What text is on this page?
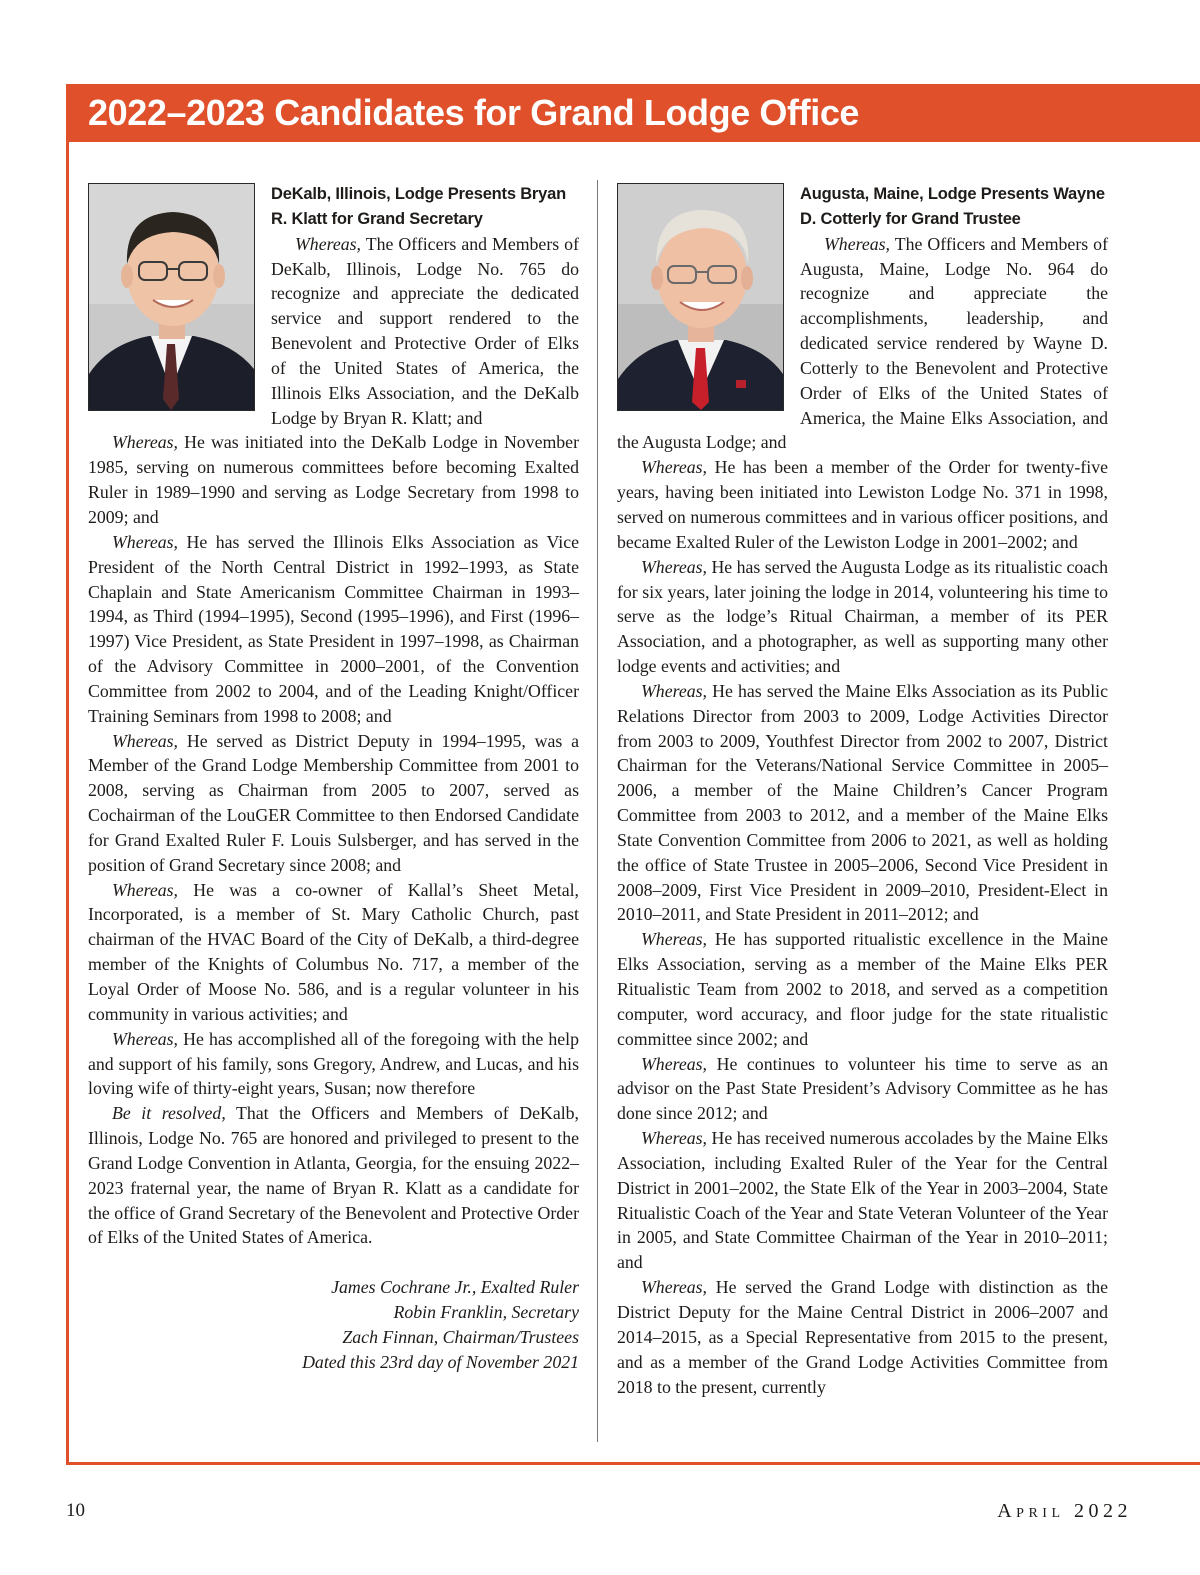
2022–2023 Candidates for Grand Lodge Office
DeKalb, Illinois, Lodge Presents Bryan R. Klatt for Grand Secretary

Whereas, The Officers and Members of DeKalb, Illinois, Lodge No. 765 do recognize and appreciate the dedicated service and support rendered to the Benevolent and Protective Order of Elks of the United States of America, the Illinois Elks Association, and the DeKalb Lodge by Bryan R. Klatt; and

Whereas, He was initiated into the DeKalb Lodge in November 1985, serving on numerous committees before becoming Exalted Ruler in 1989–1990 and serving as Lodge Secretary from 1998 to 2009; and

Whereas, He has served the Illinois Elks Association as Vice President of the North Central District in 1992–1993, as State Chaplain and State Americanism Committee Chairman in 1993–1994, as Third (1994–1995), Second (1995–1996), and First (1996–1997) Vice President, as State President in 1997–1998, as Chairman of the Advisory Committee in 2000–2001, of the Convention Committee from 2002 to 2004, and of the Leading Knight/Officer Training Seminars from 1998 to 2008; and

Whereas, He served as District Deputy in 1994–1995, was a Member of the Grand Lodge Membership Committee from 2001 to 2008, serving as Chairman from 2005 to 2007, served as Cochairman of the LouGER Committee to then Endorsed Candidate for Grand Exalted Ruler F. Louis Sulsberger, and has served in the position of Grand Secretary since 2008; and

Whereas, He was a co-owner of Kallal’s Sheet Metal, Incorporated, is a member of St. Mary Catholic Church, past chairman of the HVAC Board of the City of DeKalb, a third-degree member of the Knights of Columbus No. 717, a member of the Loyal Order of Moose No. 586, and is a regular volunteer in his community in various activities; and

Whereas, He has accomplished all of the foregoing with the help and support of his family, sons Gregory, Andrew, and Lucas, and his loving wife of thirty-eight years, Susan; now therefore

Be it resolved, That the Officers and Members of DeKalb, Illinois, Lodge No. 765 are honored and privileged to present to the Grand Lodge Convention in Atlanta, Georgia, for the ensuing 2022–2023 fraternal year, the name of Bryan R. Klatt as a candidate for the office of Grand Secretary of the Benevolent and Protective Order of Elks of the United States of America.

James Cochrane Jr., Exalted Ruler
Robin Franklin, Secretary
Zach Finnan, Chairman/Trustees
Dated this 23rd day of November 2021
Augusta, Maine, Lodge Presents Wayne D. Cotterly for Grand Trustee

Whereas, The Officers and Members of Augusta, Maine, Lodge No. 964 do recognize and appreciate the accomplishments, leadership, and dedicated service rendered by Wayne D. Cotterly to the Benevolent and Protective Order of Elks of the United States of America, the Maine Elks Association, and the Augusta Lodge; and

Whereas, He has been a member of the Order for twenty-five years, having been initiated into Lewiston Lodge No. 371 in 1998, served on numerous committees and in various officer positions, and became Exalted Ruler of the Lewiston Lodge in 2001–2002; and

Whereas, He has served the Augusta Lodge as its ritualistic coach for six years, later joining the lodge in 2014, volunteering his time to serve as the lodge’s Ritual Chairman, a member of its PER Association, and a photographer, as well as supporting many other lodge events and activities; and

Whereas, He has served the Maine Elks Association as its Public Relations Director from 2003 to 2009, Lodge Activities Director from 2003 to 2009, Youthfest Director from 2002 to 2007, District Chairman for the Veterans/National Service Committee in 2005–2006, a member of the Maine Children’s Cancer Program Committee from 2003 to 2012, and a member of the Maine Elks State Convention Committee from 2006 to 2021, as well as holding the office of State Trustee in 2005–2006, Second Vice President in 2008–2009, First Vice President in 2009–2010, President-Elect in 2010–2011, and State President in 2011–2012; and

Whereas, He has supported ritualistic excellence in the Maine Elks Association, serving as a member of the Maine Elks PER Ritualistic Team from 2002 to 2018, and served as a competition computer, word accuracy, and floor judge for the state ritualistic committee since 2002; and

Whereas, He continues to volunteer his time to serve as an advisor on the Past State President’s Advisory Committee as he has done since 2012; and

Whereas, He has received numerous accolades by the Maine Elks Association, including Exalted Ruler of the Year for the Central District in 2001–2002, the State Elk of the Year in 2003–2004, State Ritualistic Coach of the Year and State Veteran Volunteer of the Year in 2005, and State Committee Chairman of the Year in 2010–2011; and

Whereas, He served the Grand Lodge with distinction as the District Deputy for the Maine Central District in 2006–2007 and 2014–2015, as a Special Representative from 2015 to the present, and as a member of the Grand Lodge Activities Committee from 2018 to the present, currently

10	April 2022
